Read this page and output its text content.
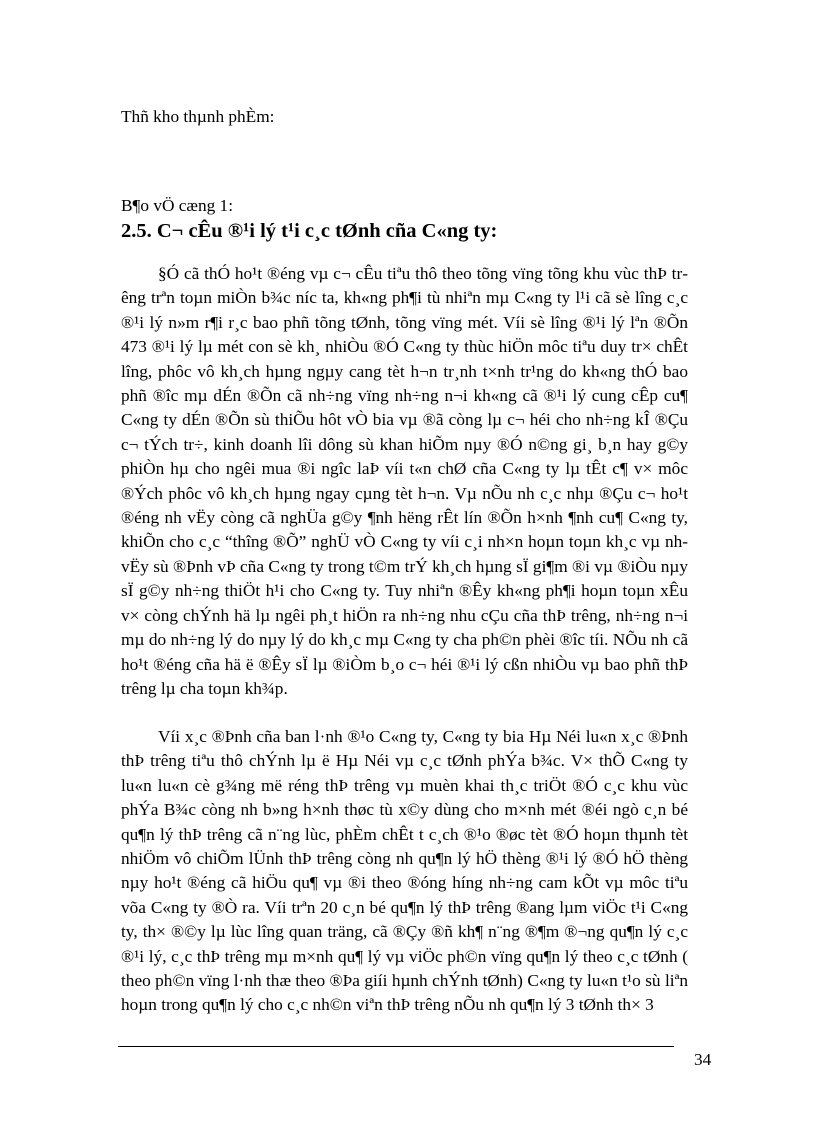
Thñ kho thµnh phÈm:
B¶o vÖ cæng 1:
2.5. C¬ cÊu ®¹i lý t¹i c¸c tØnh cña C«ng ty:
§Ó cã thÓ ho¹t ®éng vµ c¬ cÊu tiªu thô theo tõng vïng tõng khu vùc thÞ trêng trªn toµn miÒn b¾c níc ta, kh«ng ph¶i tù nhiªn mµ C«ng ty l¹i cã sè lîng c¸c ®¹i lý n»m r¶i r¸c bao phñ tõng tØnh, tõng vïng mét. Víi sè lîng ®¹i lý lªn ®Õn 473 ®¹i lý lµ mét con sè kh¸ nhiÒu ®Ó C«ng ty thùc hiÖn môc tiªu duy tr× chÊt lîng, phôc vô kh¸ch hµng ngµy cang tèt h¬n tr¸nh t×nh tr¹ng do kh«ng thÓ bao phñ ®îc mµ dÉn ®Õn cã nh÷ng vïng nh÷ng n¬i kh«ng cã ®¹i lý cung cÊp cu¶ C«ng ty dÉn ®Õn sù thiÕu hôt vÒ bia vµ ®ã còng lµ c¬ héi cho nh÷ng kÎ ®Çu c¬ tÝch tr÷, kinh doanh lîi dông sù khan hiÕm nµy ®Ó n©ng gi¸ b¸n hay g©y phiÒn hµ cho ngêi mua ®i ngîc laÞ víi t«n chØ cña C«ng ty lµ tÊt c¶ v× môc ®Ých phôc vô kh¸ch hµng ngay cµng tèt h¬n. Vµ nÕu nh c¸c nhµ ®Çu c¬ ho¹t ®éng nh vËy còng cã nghÜa g©y ¶nh hëng rÊt lín ®Õn h×nh ¶nh cu¶ C«ng ty, khiÕn cho c¸c “thîng ®Õ” nghÜ vÒ C«ng ty víi c¸i nh×n hoµn toµn kh¸c vµ nh vËy sù ®Þnh vÞ cña C«ng ty trong t©m trÝ kh¸ch hµng sÏ gi¶m ®i vµ ®iÒu nµy sÏ g©y nh÷ng thiÖt h¹i cho C«ng ty. Tuy nhiªn ®Êy kh«ng ph¶i hoµn toµn xÊu v× còng chÝnh hä lµ ngêi ph¸t hiÖn ra nh÷ng nhu cÇu cña thÞ trêng, nh÷ng n¬i mµ do nh÷ng lý do nµy lý do kh¸c mµ C«ng ty cha ph©n phèi ®îc tíi. NÕu nh cã ho¹t ®éng cña hä ë ®Êy sÏ lµ ®iÒm b¸o c¬ héi ®¹i lý cßn nhiÒu vµ bao phñ thÞ trêng lµ cha toµn kh¾p.
Víi x¸c ®Þnh cña ban l·nh ®¹o C«ng ty, C«ng ty bia Hµ Néi lu«n x¸c ®Þnh thÞ trêng tiªu thô chÝnh lµ ë Hµ Néi vµ c¸c tØnh phÝa b¾c. V× thÕ C«ng ty lu«n lu«n cè g¾ng më réng thÞ trêng vµ muèn khai th¸c triÖt ®Ó c¸c khu vùc phÝa B¾c còng nh b»ng h×nh thøc tù x©y dùng cho m×nh mét ®éi ngò c¸n bé qu¶n lý thÞ trêng cã n¨ng lùc, phÈm chÊt t c¸ch ®¹o ®øc tèt ®Ó hoµn thµnh tèt nhiÖm vô chiÕm lÜnh thÞ trêng còng nh qu¶n lý hÖ thèng ®¹i lý ®Ó hÖ thèng nµy ho¹t ®éng cã hiÖu qu¶ vµ ®i theo ®óng híng nh÷ng cam kÕt vµ môc tiªu võa C«ng ty ®Ò ra. Víi trªn 20 c¸n bé qu¶n lý thÞ trêng ®ang lµm viÖc t¹i C«ng ty, th× ®©y lµ lùc lîng quan träng, cã ®Çy ®ñ kh¶ n¨ng ®¶m ®¬ng qu¶n lý c¸c ®¹i lý, c¸c thÞ trêng mµ m×nh qu¶ lý vµ viÖc ph©n vïng qu¶n lý theo c¸c tØnh ( theo ph©n vïng l·nh thæ theo ®Þa giíi hµnh chÝnh tØnh) C«ng ty lu«n t¹o sù liªn hoµn trong qu¶n lý cho c¸c nh©n viªn thÞ trêng nÕu nh qu¶n lý 3 tØnh th× 3
34
